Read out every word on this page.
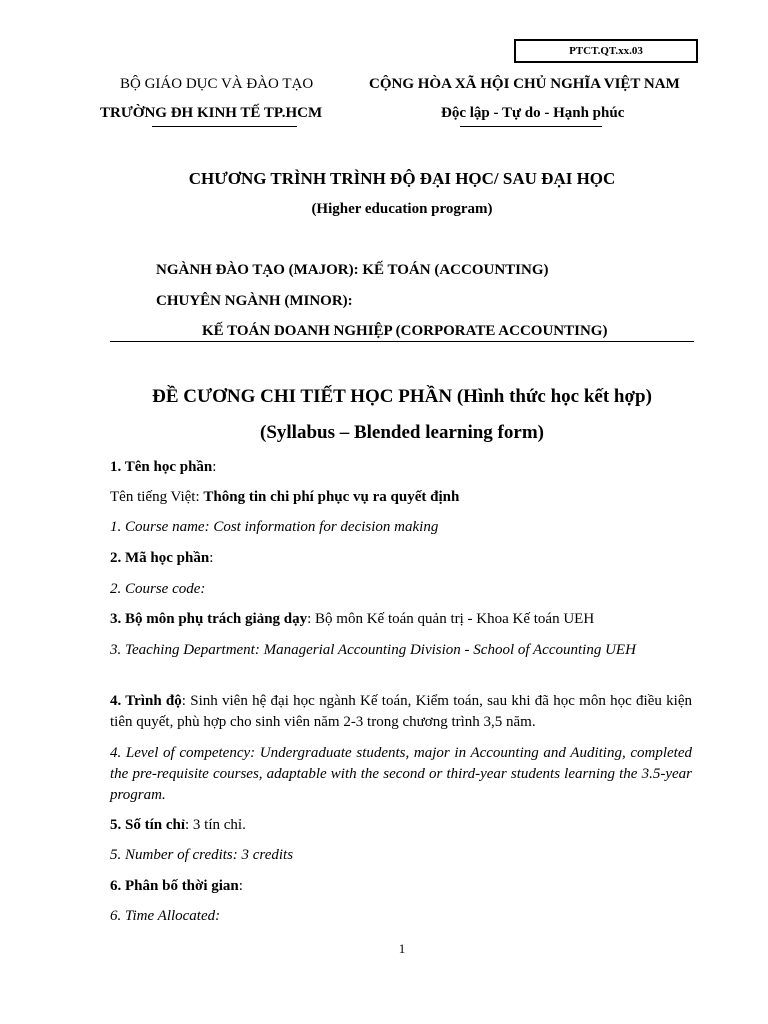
PTCT.QT.xx.03
BỘ GIÁO DỤC VÀ ĐÀO TẠO
TRƯỜNG ĐH KINH TẾ TP.HCM
CỘNG HÒA XÃ HỘI CHỦ NGHĨA VIỆT NAM
Độc lập - Tự do - Hạnh phúc
CHƯƠNG TRÌNH TRÌNH ĐỘ ĐẠI HỌC/ SAU ĐẠI HỌC
(Higher education program)
NGÀNH ĐÀO TẠO (MAJOR): KẾ TOÁN (ACCOUNTING)
CHUYÊN NGÀNH (MINOR):
KẾ TOÁN DOANH NGHIỆP (CORPORATE ACCOUNTING)
ĐỀ CƯƠNG CHI TIẾT HỌC PHẦN (Hình thức học kết hợp)
(Syllabus – Blended learning form)
1. Tên học phần:
Tên tiếng Việt: Thông tin chi phí phục vụ ra quyết định
1. Course name: Cost information for decision making
2. Mã học phần:
2. Course code:
3. Bộ môn phụ trách giảng dạy: Bộ môn Kế toán quản trị - Khoa Kế toán UEH
3. Teaching Department: Managerial Accounting Division - School of Accounting UEH
4. Trình độ: Sinh viên hệ đại học ngành Kế toán, Kiểm toán, sau khi đã học môn học điều kiện tiên quyết, phù hợp cho sinh viên năm 2-3 trong chương trình 3,5 năm.
4. Level of competency: Undergraduate students, major in Accounting and Auditing, completed the pre-requisite courses, adaptable with the second or third-year students learning the 3.5-year program.
5. Số tín chỉ: 3 tín chỉ.
5. Number of credits: 3 credits
6. Phân bố thời gian:
6. Time Allocated:
1
